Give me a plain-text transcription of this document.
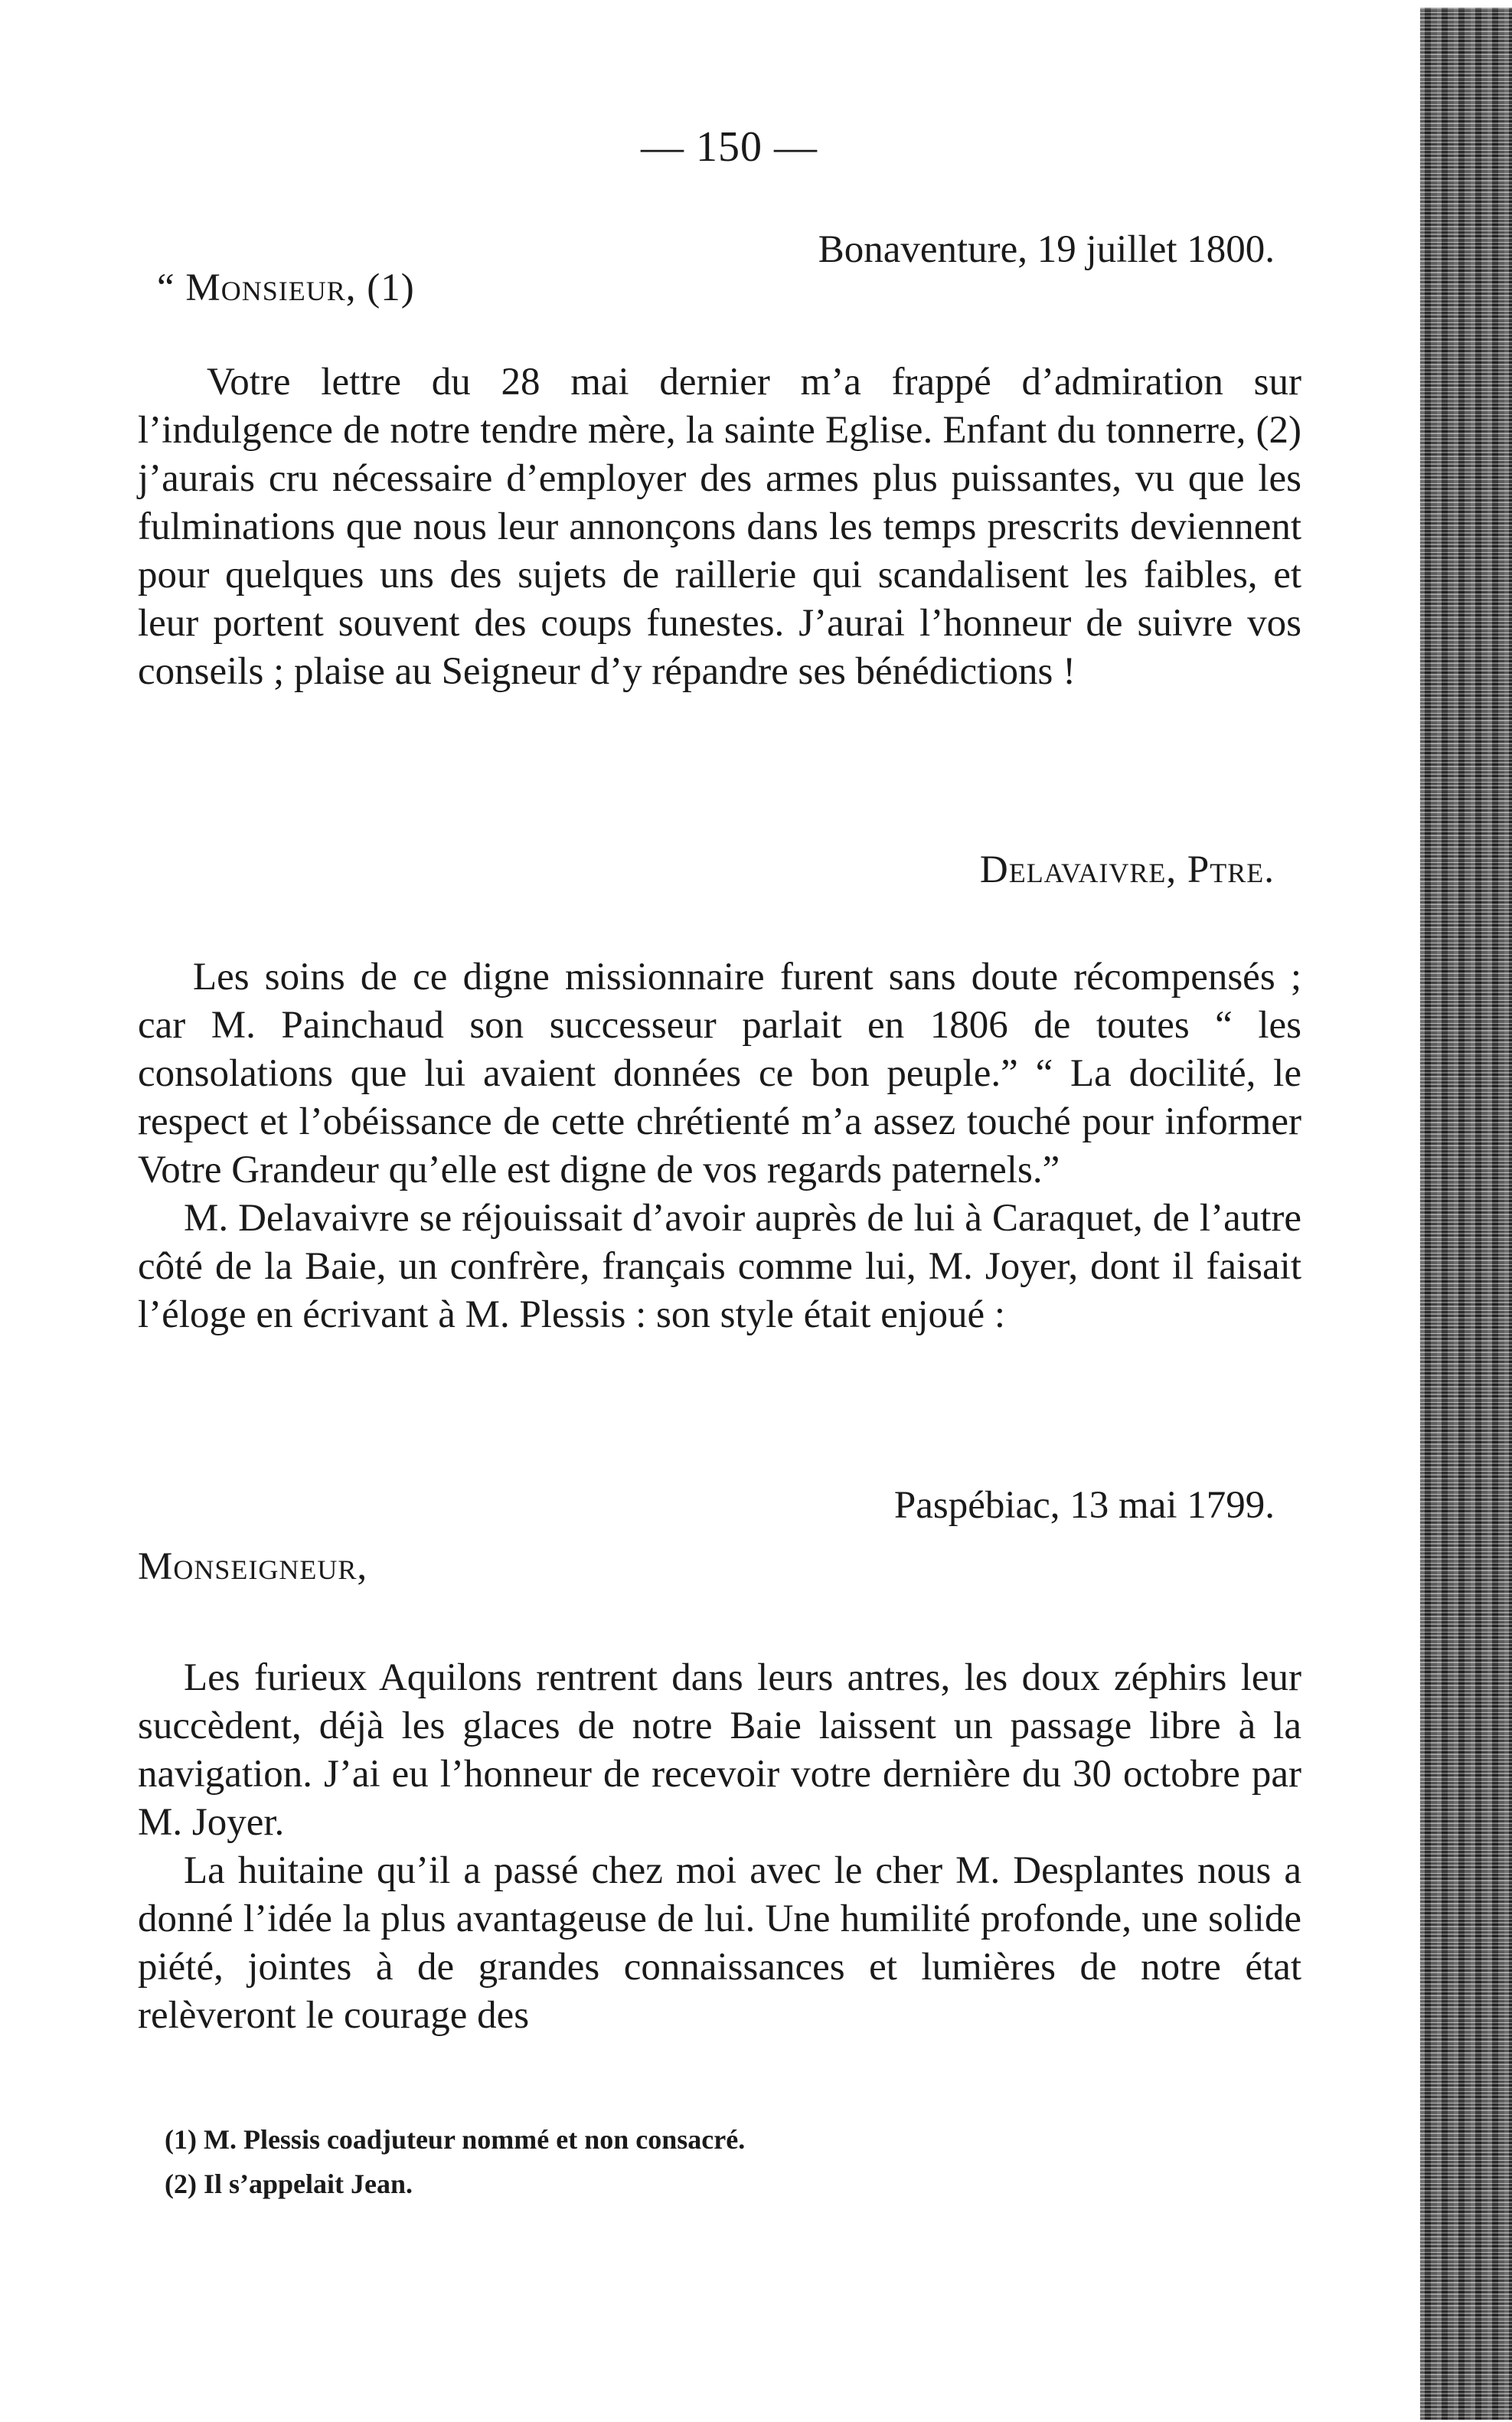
— 150 —
Bonaventure, 19 juillet 1800.
“ Monsieur, (1)

Votre lettre du 28 mai dernier m’a frappé d’admiration sur l’indulgence de notre tendre mère, la sainte Eglise. Enfant du tonnerre, (2) j’aurais cru nécessaire d’employer des armes plus puissantes, vu que les fulminations que nous leur annonçons dans les temps prescrits deviennent pour quelques uns des sujets de raillerie qui scandalisent les faibles, et leur portent souvent des coups funestes. J’aurai l’honneur de suivre vos conseils ; plaise au Seigneur d’y répandre ses bénédictions !

Delavaivre, Ptre.

Les soins de ce digne missionnaire furent sans doute récompensés ; car M. Painchaud son successeur parlait en 1806 de toutes “ les consolations que lui avaient données ce bon peuple.” “ La docilité, le respect et l’obéissance de cette chrétienté m’a assez touché pour informer Votre Grandeur qu’elle est digne de vos regards paternels.”

M. Delavaivre se réjouissait d’avoir auprès de lui à Caraquet, de l’autre côté de la Baie, un confrère, français comme lui, M. Joyer, dont il faisait l’éloge en écrivant à M. Plessis : son style était enjoué :

Paspébiac, 13 mai 1799.
Monseigneur,

Les furieux Aquilons rentrent dans leurs antres, les doux zéphirs leur succèdent, déjà les glaces de notre Baie laissent un passage libre à la navigation. J’ai eu l’honneur de recevoir votre dernière du 30 octobre par M. Joyer.

La huitaine qu’il a passé chez moi avec le cher M. Desplantes nous a donné l’idée la plus avantageuse de lui. Une humilité profonde, une solide piété, jointes à de grandes connaissances et lumières de notre état relèveront le courage des

(1) M. Plessis coadjuteur nommé et non consacré.
(2) Il s’appelait Jean.
